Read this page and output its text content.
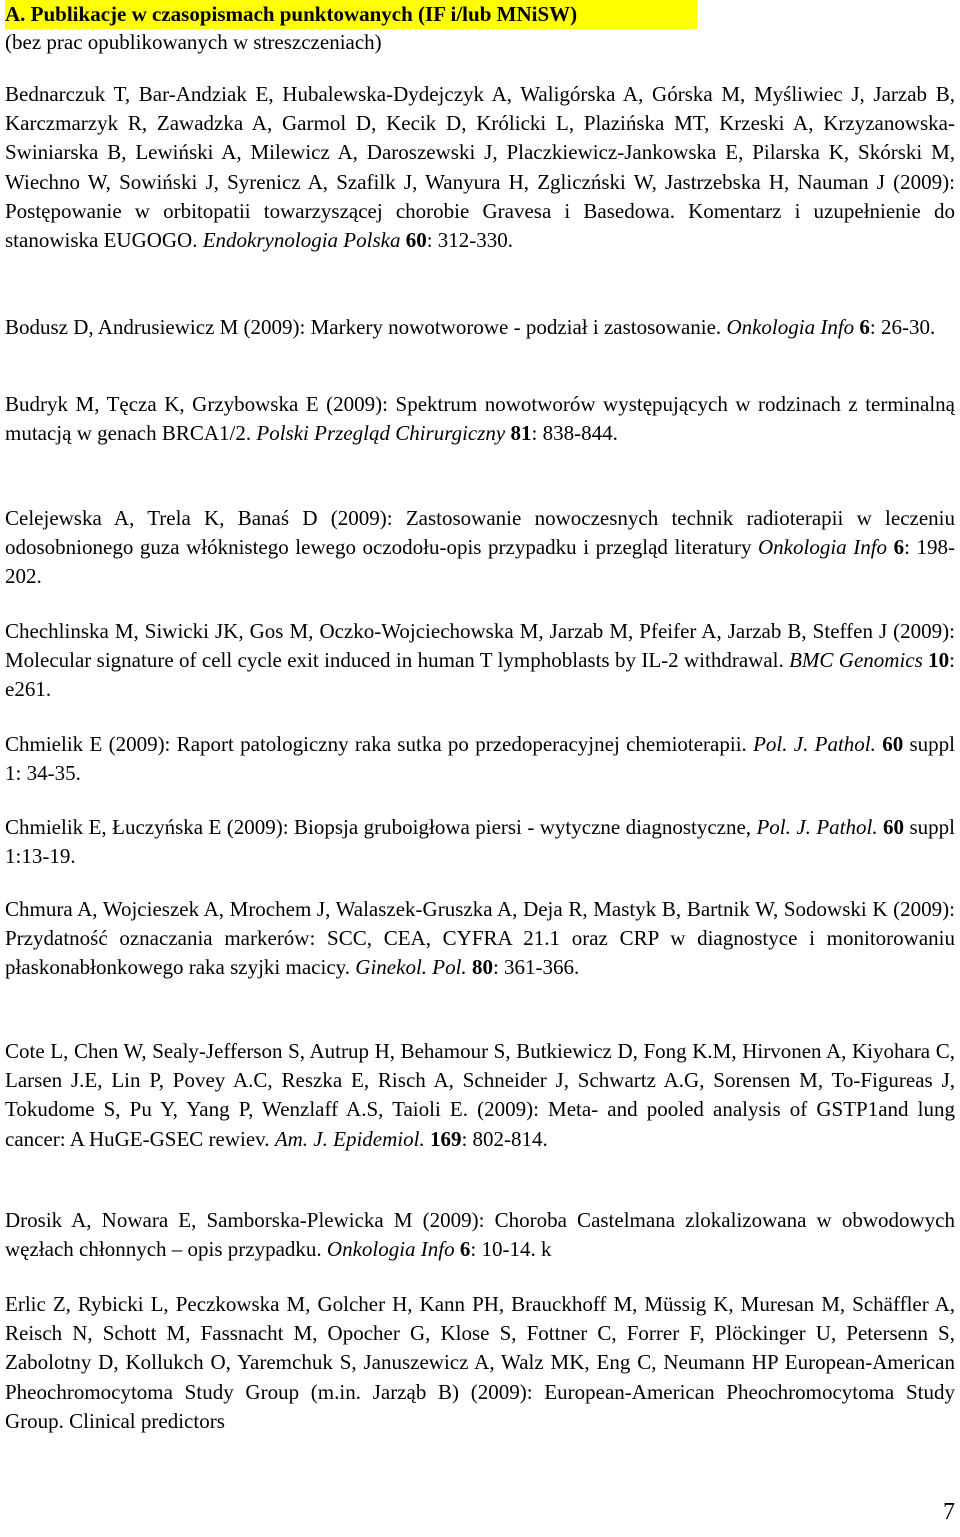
A. Publikacje w czasopismach punktowanych (IF i/lub MNiSW)
(bez prac opublikowanych w streszczeniach)

Bednarczuk T, Bar-Andziak E, Hubalewska-Dydejczyk A, Waligórska A, Górska M, Myśliwiec J, Jarzab B, Karczmarzyk R, Zawadzka A, Garmol D, Kecik D, Królicki L, Plazińska MT, Krzeski A, Krzyzanowska-Swiniarska B, Lewiński A, Milewicz A, Daroszewski J, Placzkiewicz-Jankowska E, Pilarska K, Skórski M, Wiechno W, Sowiński J, Syrenicz A, Szafilk J, Wanyura H, Zgliczński W, Jastrzebska H, Nauman J (2009): Postępowanie w orbitopatii towarzyszącej chorobie Gravesa i Basedowa. Komentarz i uzupełnienie do stanowiska EUGOGO. Endokrynologia Polska 60: 312-330.

Bodusz D, Andrusiewicz M (2009): Markery nowotworowe - podział i zastosowanie. Onkologia Info 6: 26-30.

Budryk M, Tęcza K, Grzybowska E (2009): Spektrum nowotworów występujących w rodzinach z terminalną mutacją w genach BRCA1/2. Polski Przegląd Chirurgiczny 81: 838-844.

Celejewska A, Trela K, Banaś D (2009): Zastosowanie nowoczesnych technik radioterapii w leczeniu odosobnionego guza włóknistego lewego oczodołu-opis przypadku i przegląd literatury Onkologia Info 6: 198-202.

Chechlinska M, Siwicki JK, Gos M, Oczko-Wojciechowska M, Jarzab M, Pfeifer A, Jarzab B, Steffen J (2009): Molecular signature of cell cycle exit induced in human T lymphoblasts by IL-2 withdrawal. BMC Genomics 10: e261.

Chmielik E (2009): Raport patologiczny raka sutka po przedoperacyjnej chemioterapii. Pol. J. Pathol. 60 suppl 1: 34-35.

Chmielik E, Łuczyńska E (2009): Biopsja gruboigłowa piersi - wytyczne diagnostyczne, Pol. J. Pathol. 60 suppl 1:13-19.

Chmura A, Wojcieszek A, Mrochem J, Walaszek-Gruszka A, Deja R, Mastyk B, Bartnik W, Sodowski K (2009): Przydatność oznaczania markerów: SCC, CEA, CYFRA 21.1 oraz CRP w diagnostyce i monitorowaniu płaskonabłonkowego raka szyjki macicy. Ginekol. Pol. 80: 361-366.

Cote L, Chen W, Sealy-Jefferson S, Autrup H, Behamour S, Butkiewicz D, Fong K.M, Hirvonen A, Kiyohara C, Larsen J.E, Lin P, Povey A.C, Reszka E, Risch A, Schneider J, Schwartz A.G, Sorensen M, To-Figureas J, Tokudome S, Pu Y, Yang P, Wenzlaff A.S, Taioli E. (2009): Meta- and pooled analysis of GSTP1and lung cancer: A HuGE-GSEC rewiev. Am. J. Epidemiol. 169: 802-814.

Drosik A, Nowara E, Samborska-Plewicka M (2009): Choroba Castelmana zlokalizowana w obwodowych węzłach chłonnych – opis przypadku. Onkologia Info 6: 10-14. k

Erlic Z, Rybicki L, Peczkowska M, Golcher H, Kann PH, Brauckhoff M, Müssig K, Muresan M, Schäffler A, Reisch N, Schott M, Fassnacht M, Opocher G, Klose S, Fottner C, Forrer F, Plöckinger U, Petersenn S, Zabolotny D, Kollukch O, Yaremchuk S, Januszewicz A, Walz MK, Eng C, Neumann HP European-American Pheochromocytoma Study Group (m.in. Jarząb B) (2009): European-American Pheochromocytoma Study Group. Clinical predictors

7
